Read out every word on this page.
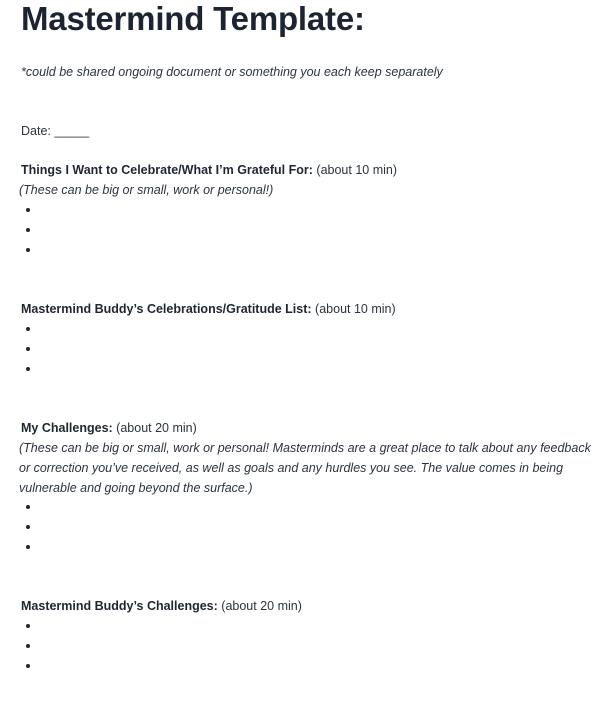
Mastermind Template:
*could be shared ongoing document or something you each keep separately
Date: _____
Things I Want to Celebrate/What I’m Grateful For: (about 10 min)
(These can be big or small, work or personal!)
Mastermind Buddy’s Celebrations/Gratitude List: (about 10 min)
My Challenges: (about 20 min)
(These can be big or small, work or personal! Masterminds are a great place to talk about any feedback or correction you’ve received, as well as goals and any hurdles you see. The value comes in being vulnerable and going beyond the surface.)
Mastermind Buddy’s Challenges: (about 20 min)
